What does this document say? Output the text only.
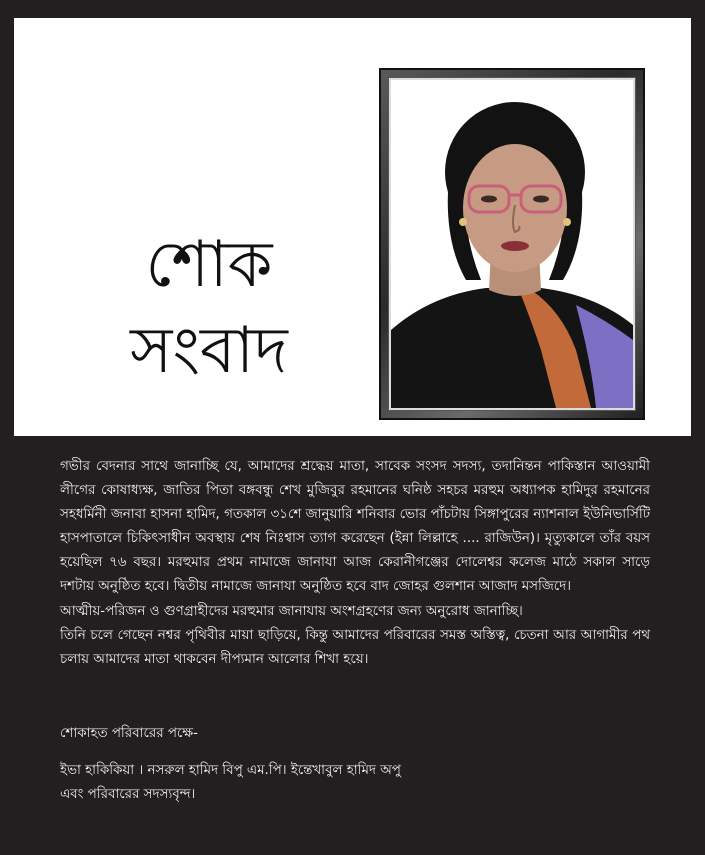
শোক
সংবাদ

গভীর বেদনার সাথে জানাচ্ছি যে, আমাদের শ্রদ্ধেয় মাতা, সাবেক সংসদ সদস্য, তদানিন্তন পাকিস্তান আওয়ামী লীগের কোষাধ্যক্ষ, জাতির পিতা বঙ্গবন্ধু শেখ মুজিবুর রহমানের ঘনিষ্ঠ সহচর মরহুম অধ্যাপক হামিদুর রহমানের সহধর্মিনী জনাবা হাসনা হামিদ, গতকাল ৩১শে জানুয়ারি শনিবার ভোর পাঁচটায় সিঙ্গাপুরের ন্যাশনাল ইউনিভার্সিটি হাসপাতালে চিকিৎসাধীন অবস্থায় শেষ নিঃশ্বাস ত্যাগ করেছেন (ইন্না লিল্লাহে .... রাজিউন)। মৃত্যুকালে তাঁর বয়স হয়েছিল ৭৬ বছর। মরহুমার প্রথম নামাজে জানাযা আজ কেরানীগঞ্জের দোলেশ্বর কলেজ মাঠে সকাল সাড়ে দশটায় অনুষ্ঠিত হবে। দ্বিতীয় নামাজে জানাযা অনুষ্ঠিত হবে বাদ জোহর গুলশান আজাদ মসজিদে।

আত্মীয়-পরিজন ও গুণগ্রাহীদের মরহুমার জানাযায় অংশগ্রহণের জন্য অনুরোধ জানাচ্ছি।

তিনি চলে গেছেন নশ্বর পৃথিবীর মায়া ছাড়িয়ে, কিন্তু আমাদের পরিবারের সমস্ত অস্তিত্ব, চেতনা আর আগামীর পথ চলায় আমাদের মাতা থাকবেন দীপ্যমান আলোর শিখা হয়ে।

শোকাহত পরিবারের পক্ষে-
ইভা হাকিকিয়া । নসরুল হামিদ বিপু এম.পি। ইন্তেখাবুল হামিদ অপু
এবং পরিবারের সদস্যবৃন্দ।
